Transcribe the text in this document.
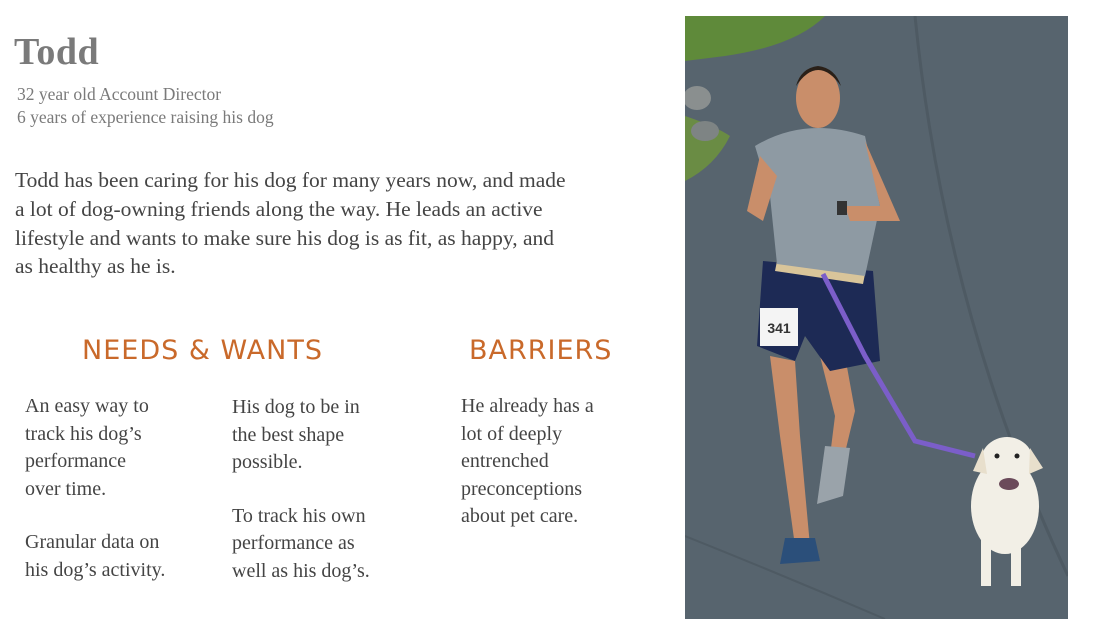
Todd
32 year old Account Director
6 years of experience raising his dog
Todd has been caring for his dog for many years now, and made
a lot of dog-owning friends along the way. He leads an active
lifestyle and wants to make sure his dog is as fit, as happy, and
as healthy as he is.
NEEDS & WANTS	BARRIERS

An easy way to
track his dog’s
performance
over time.

Granular data on
his dog’s activity.

His dog to be in
the best shape
possible.

To track his own
performance as
well as his dog’s.

He already has a
lot of deeply
entrenched
preconceptions
about pet care.

341
